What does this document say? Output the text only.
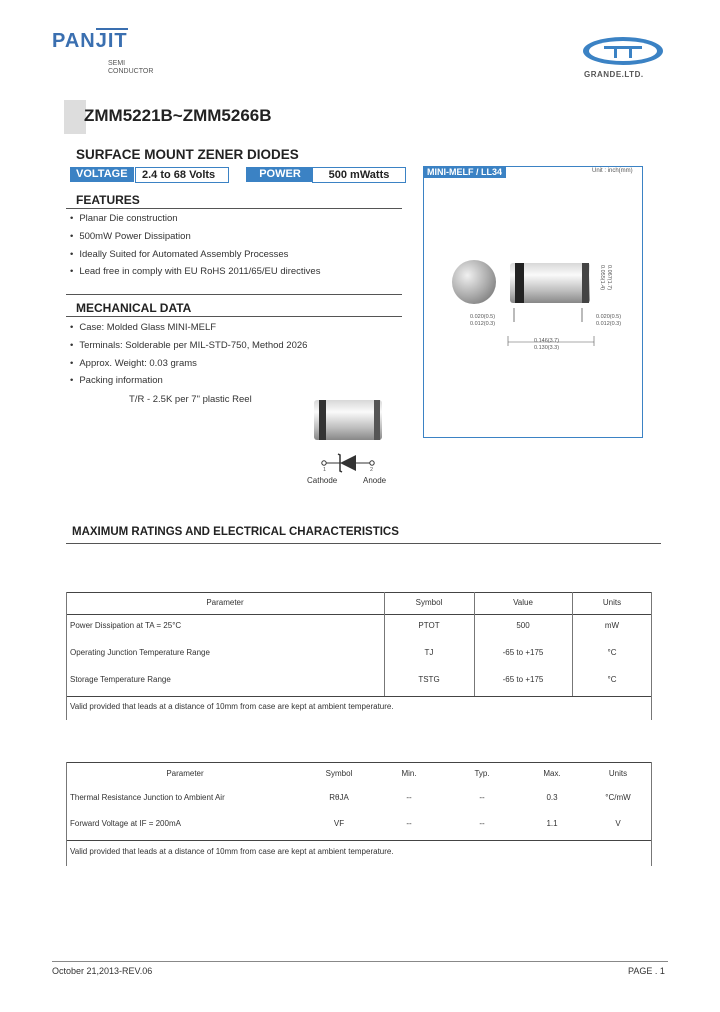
PANJIT
SEMI
CONDUCTOR	GRANDE.LTD.
ZMM5221B~ZMM5266B
SURFACE MOUNT ZENER DIODES
VOLTAGE	2.4 to 68 Volts	POWER	500 mWatts
FEATURES
• Planar Die construction
• 500mW Power Dissipation
• Ideally Suited for Automated Assembly Processes
• Lead free in comply with EU RoHS 2011/65/EU directives
MECHANICAL DATA
• Case: Molded Glass MINI-MELF
• Terminals: Solderable per MIL-STD-750, Method 2026
• Approx. Weight: 0.03 grams
• Packing information
T/R - 2.5K per 7" plastic Reel
1	2
Cathode	Anode
MINI-MELF / LL34	Unit : inch(mm)
0.020(0.5)
0.012(0.3)
0.020(0.5)
0.012(0.3)
0.146(3.7)
0.130(3.3)
0.067(1.7)
0.055(1.4)
MAXIMUM RATINGS AND ELECTRICAL CHARACTERISTICS
Parameter	Symbol	Value	Units
Power Dissipation at TA = 25°C	PTOT	500	mW
Operating Junction Temperature Range	TJ	-65 to +175	°C
Storage Temperature Range	TSTG	-65 to +175	°C
Valid provided that leads at a distance of 10mm from case are kept at ambient temperature.
Parameter	Symbol	Min.	Typ.	Max.	Units
Thermal Resistance Junction to Ambient Air	RθJA	--	--	0.3	°C/mW
Forward Voltage at IF = 200mA	VF	--	--	1.1	V
Valid provided that leads at a distance of 10mm from case are kept at ambient temperature.
October 21,2013-REV.06	PAGE . 1
